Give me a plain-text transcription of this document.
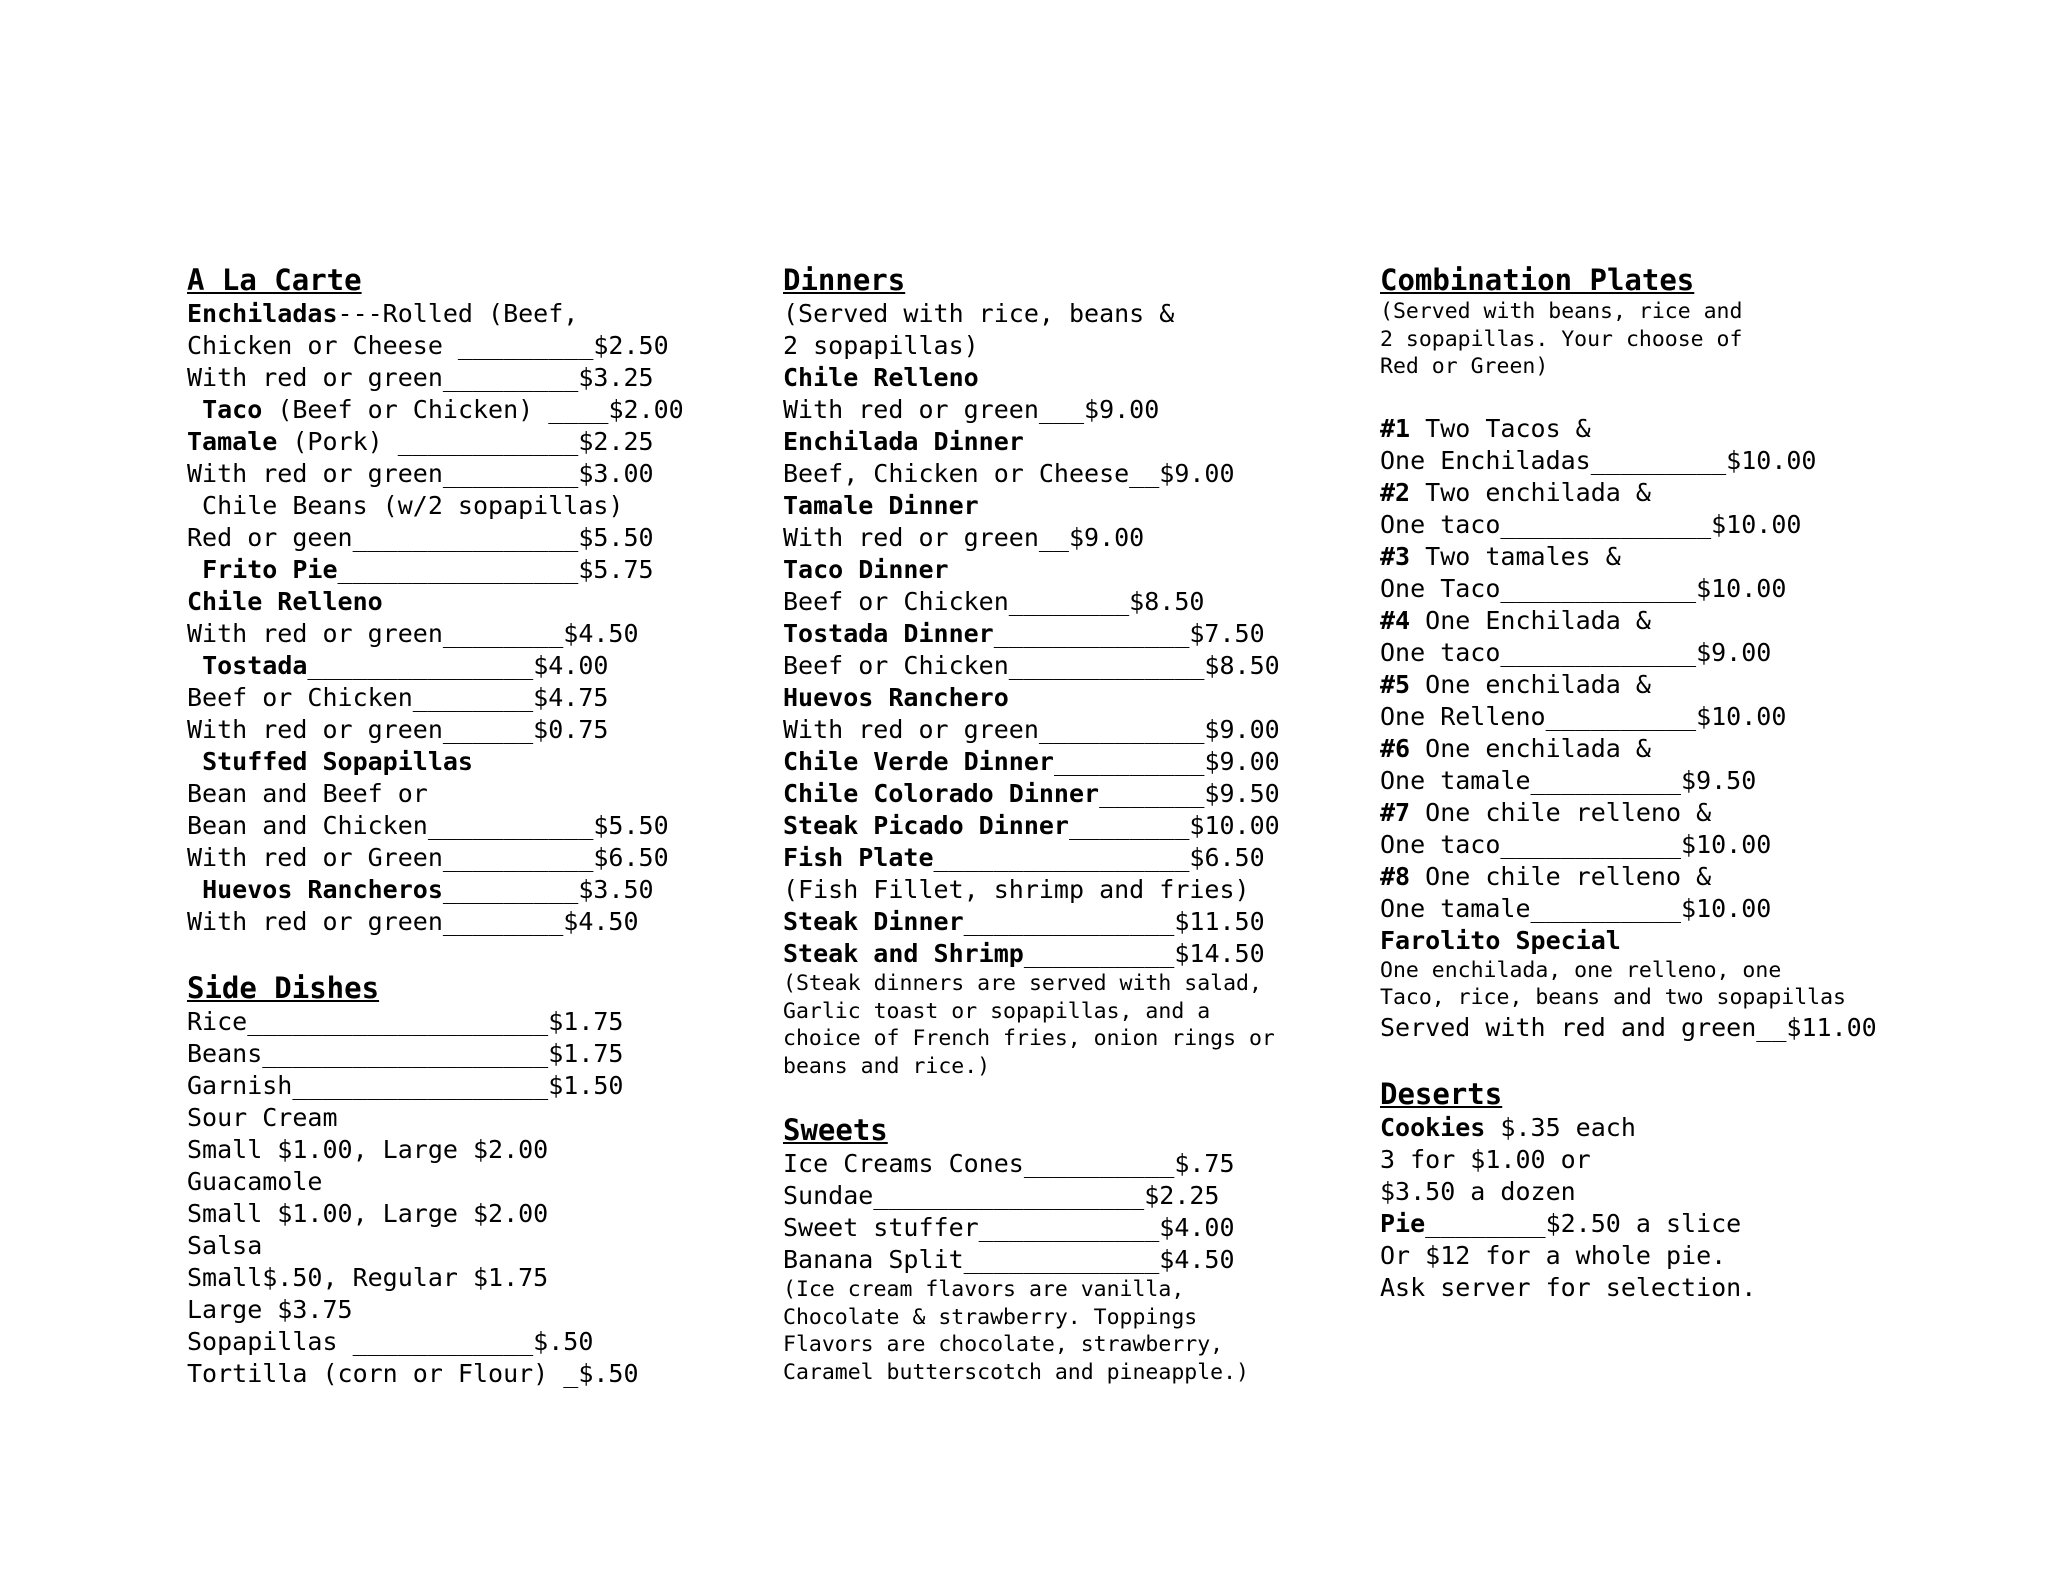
A La Carte
Enchiladas---Rolled (Beef,
Chicken or Cheese _________$2.50
With red or green_________$3.25
Taco (Beef or Chicken) ____$2.00
Tamale (Pork) ____________$2.25
With red or green_________$3.00
Chile Beans (w/2 sopapillas)
Red or geen_______________$5.50
Frito Pie________________$5.75
Chile Relleno
With red or green________$4.50
Tostada_______________$4.00
Beef or Chicken________$4.75
With red or green______$0.75
Stuffed Sopapillas
Bean and Beef or
Bean and Chicken___________$5.50
With red or Green__________$6.50
Huevos Rancheros_________$3.50
With red or green________$4.50
Side Dishes
Rice____________________$1.75
Beans___________________$1.75
Garnish_________________$1.50
Sour Cream
Small $1.00, Large $2.00
Guacamole
Small $1.00, Large $2.00
Salsa
Small$.50, Regular $1.75
Large $3.75
Sopapillas ____________$.50
Tortilla (corn or Flour) _$.50
Dinners
(Served with rice, beans &
2 sopapillas)
Chile Relleno
With red or green___$9.00
Enchilada Dinner
Beef, Chicken or Cheese__$9.00
Tamale Dinner
With red or green__$9.00
Taco Dinner
Beef or Chicken________$8.50
Tostada Dinner_____________$7.50
Beef or Chicken_____________$8.50
Huevos Ranchero
With red or green___________$9.00
Chile Verde Dinner__________$9.00
Chile Colorado Dinner_______$9.50
Steak Picado Dinner________$10.00
Fish Plate_________________$6.50
(Fish Fillet, shrimp and fries)
Steak Dinner______________$11.50
Steak and Shrimp__________$14.50
(Steak dinners are served with salad,
Garlic toast or sopapillas, and a
choice of French fries, onion rings or
beans and rice.)
Sweets
Ice Creams Cones__________$.75
Sundae__________________$2.25
Sweet stuffer____________$4.00
Banana Split_____________$4.50
(Ice cream flavors are vanilla,
Chocolate & strawberry. Toppings
Flavors are chocolate, strawberry,
Caramel butterscotch and pineapple.)
Combination Plates
(Served with beans, rice and
2 sopapillas. Your choose of
Red or Green)
#1 Two Tacos &
One Enchiladas_________$10.00
#2 Two enchilada &
One taco______________$10.00
#3 Two tamales &
One Taco_____________$10.00
#4 One Enchilada &
One taco_____________$9.00
#5 One enchilada &
One Relleno__________$10.00
#6 One enchilada &
One tamale__________$9.50
#7 One chile relleno &
One taco____________$10.00
#8 One chile relleno &
One tamale__________$10.00
Farolito Special
One enchilada, one relleno, one
Taco, rice, beans and two sopapillas
Served with red and green__$11.00
Deserts
Cookies $.35 each
3 for $1.00 or
$3.50 a dozen
Pie________$2.50 a slice
Or $12 for a whole pie.
Ask server for selection.
